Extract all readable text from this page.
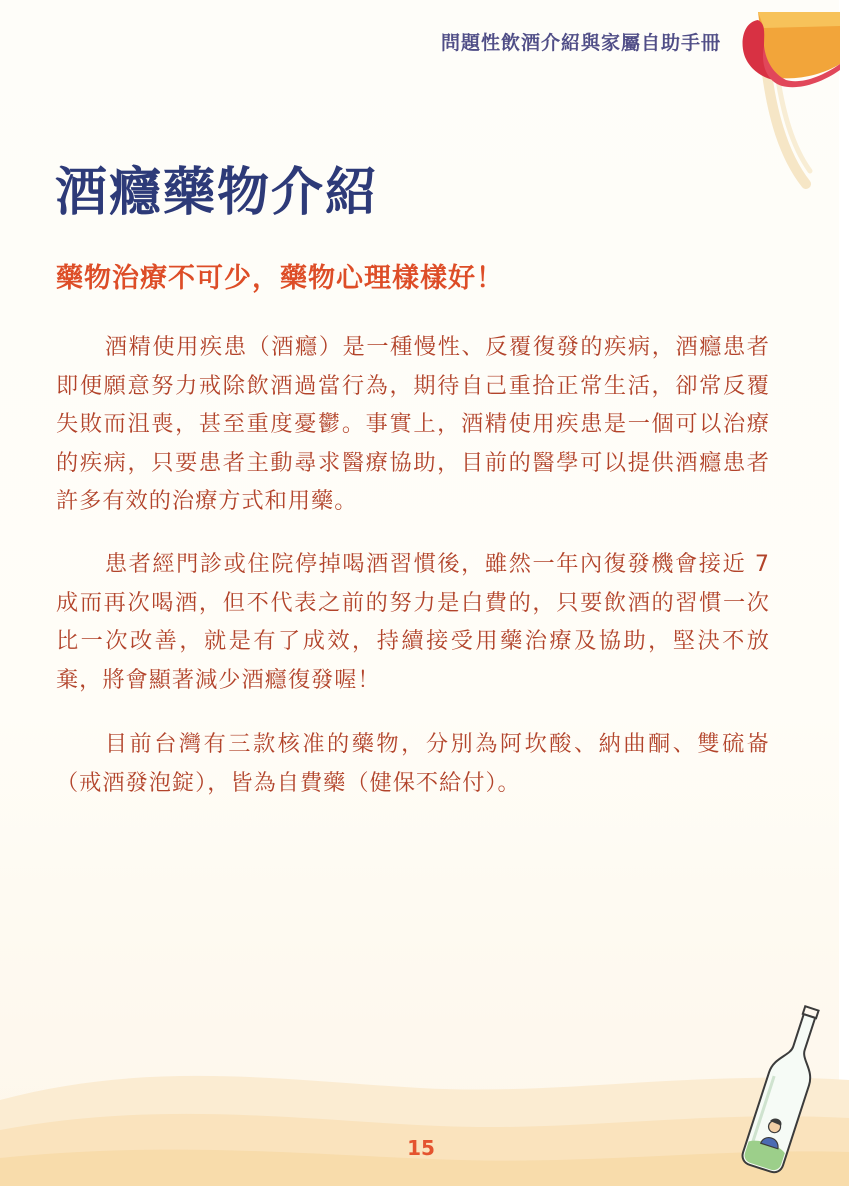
問題性飲酒介紹與家屬自助手冊
酒癮藥物介紹
藥物治療不可少，藥物心理樣樣好！

酒精使用疾患（酒癮）是一種慢性、反覆復發的疾病，酒癮患者即便願意努力戒除飲酒過當行為，期待自己重拾正常生活，卻常反覆失敗而沮喪，甚至重度憂鬱。事實上，酒精使用疾患是一個可以治療的疾病，只要患者主動尋求醫療協助，目前的醫學可以提供酒癮患者許多有效的治療方式和用藥。

患者經門診或住院停掉喝酒習慣後，雖然一年內復發機會接近 7 成而再次喝酒，但不代表之前的努力是白費的，只要飲酒的習慣一次比一次改善，就是有了成效，持續接受用藥治療及協助，堅決不放棄，將會顯著減少酒癮復發喔！

目前台灣有三款核准的藥物，分別為阿坎酸、納曲酮、雙硫崙（戒酒發泡錠），皆為自費藥（健保不給付）。

15
